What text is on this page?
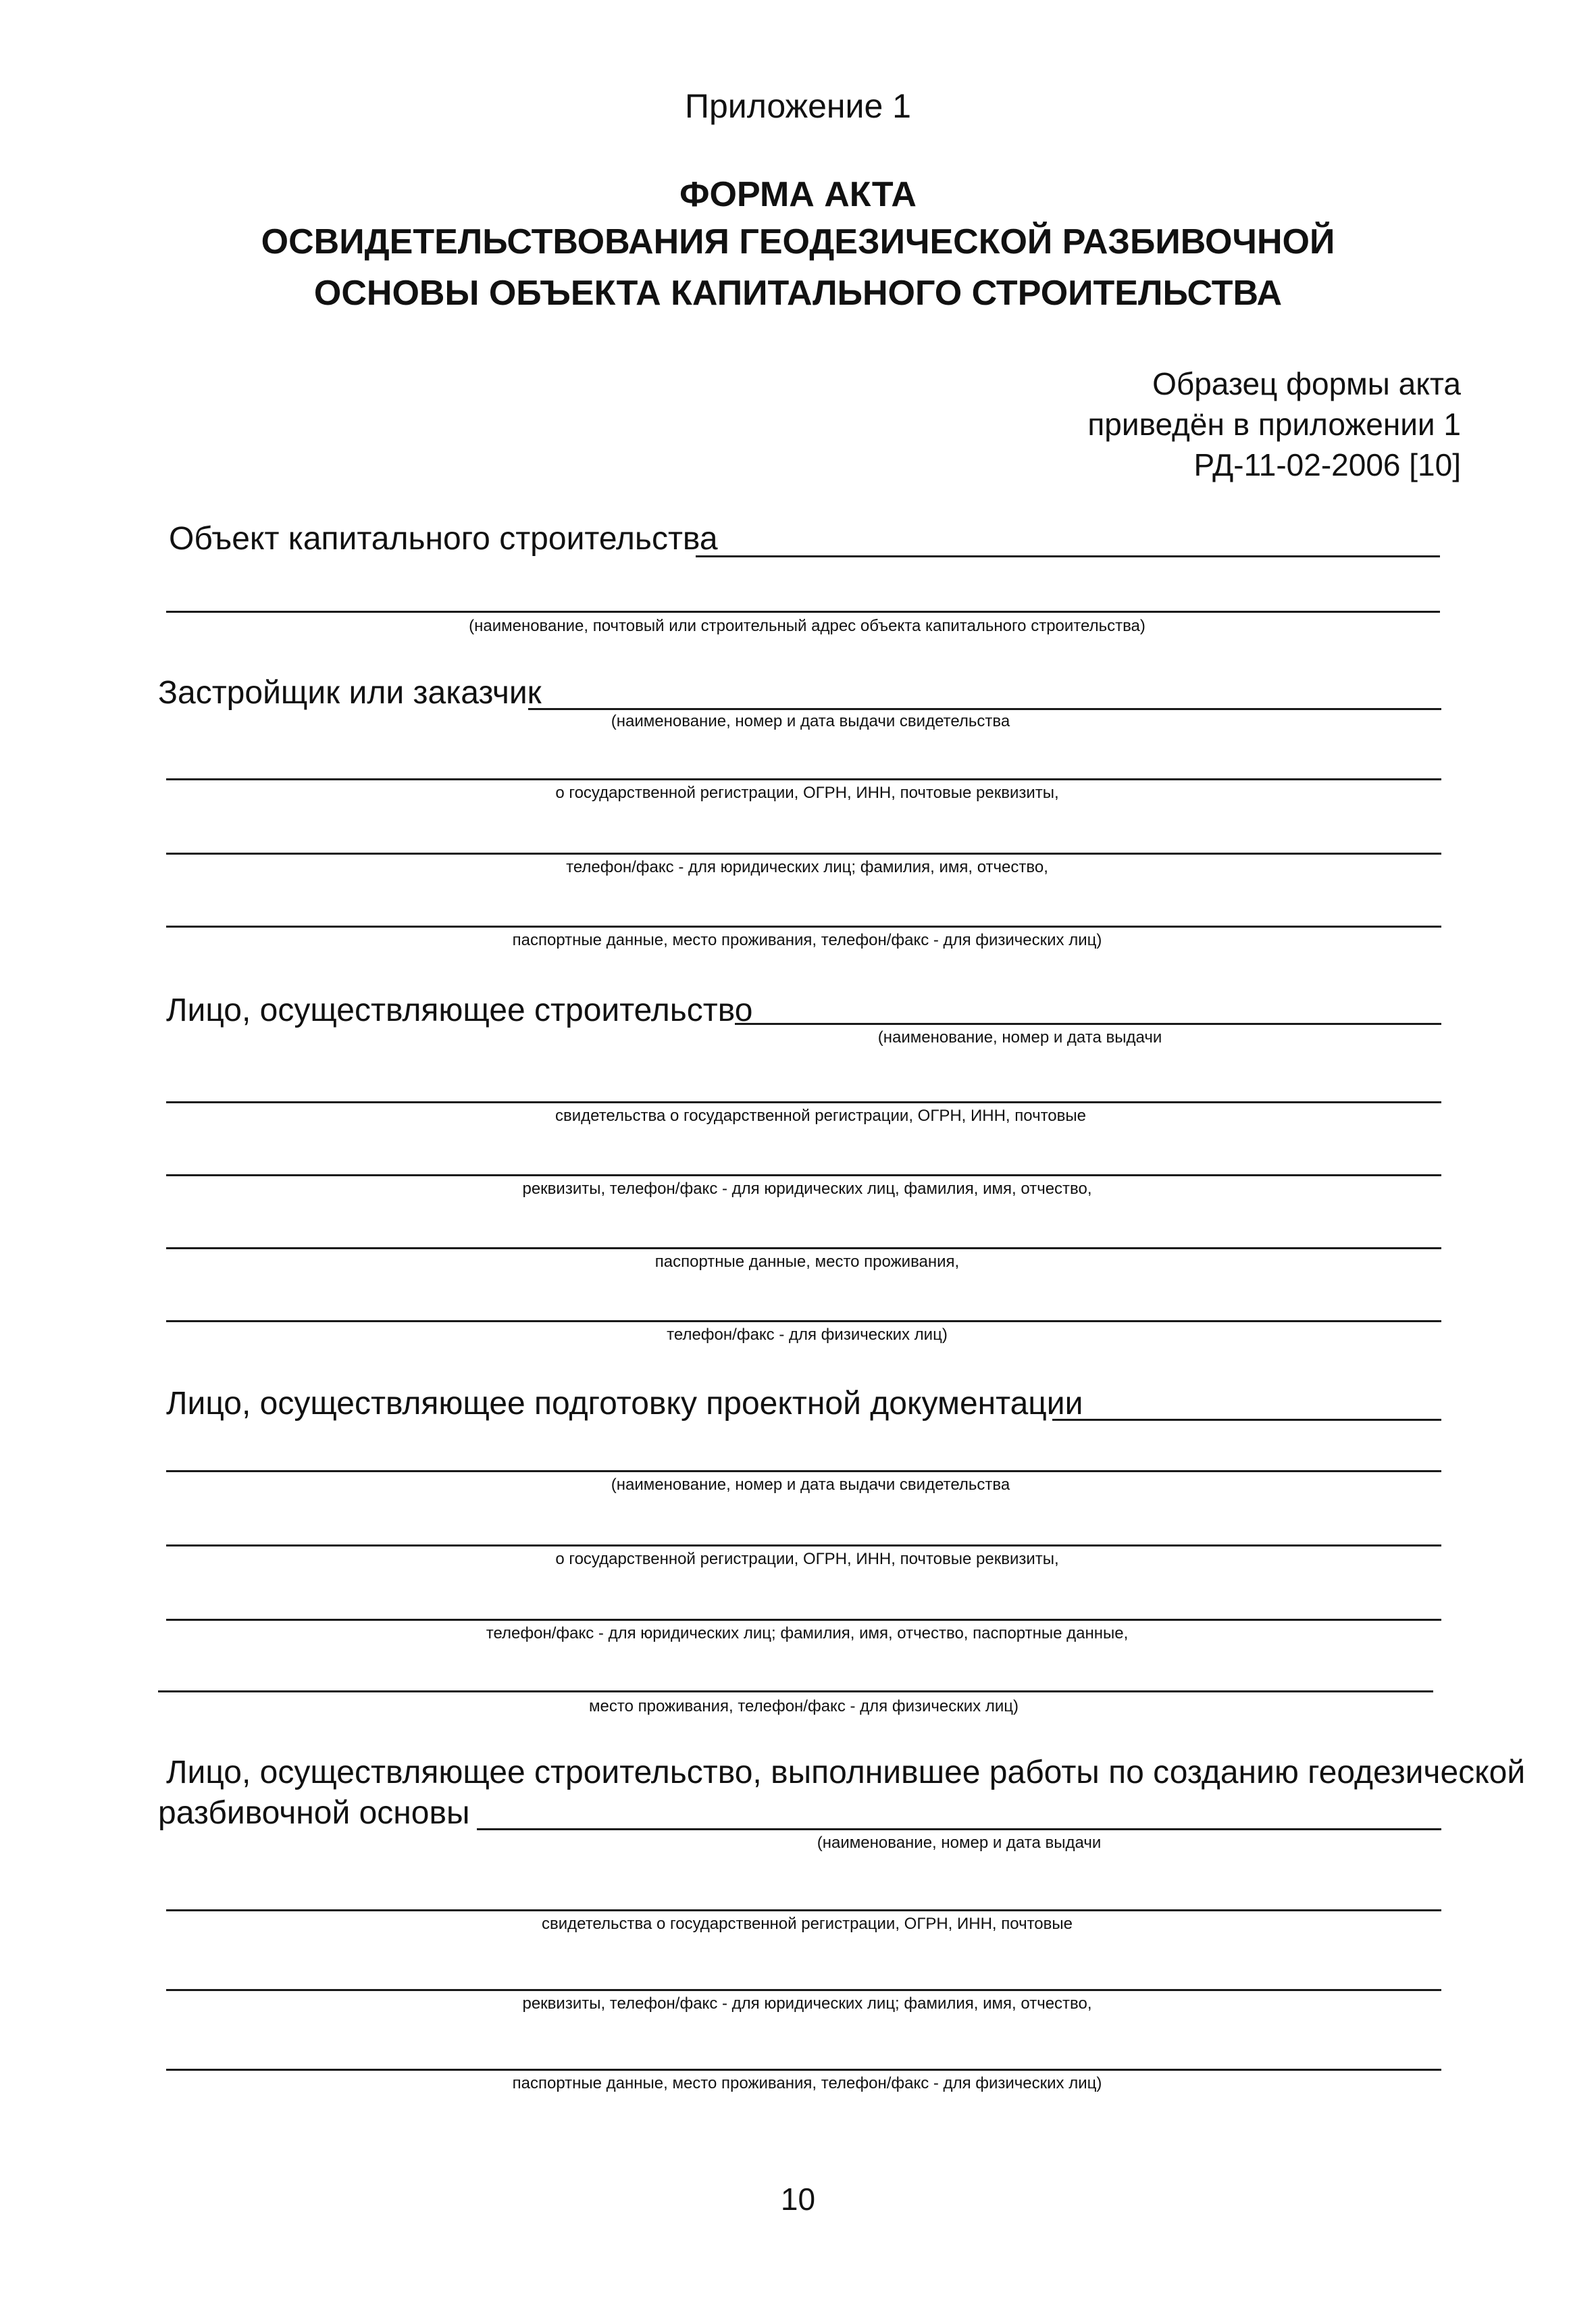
Приложение 1
ФОРМА АКТА
ОСВИДЕТЕЛЬСТВОВАНИЯ ГЕОДЕЗИЧЕСКОЙ РАЗБИВОЧНОЙ
ОСНОВЫ ОБЪЕКТА КАПИТАЛЬНОГО СТРОИТЕЛЬСТВА
Образец формы акта
приведён в приложении 1
РД-11-02-2006 [10]
Объект капитального строительства
(наименование, почтовый или строительный адрес объекта капитального строительства)
Застройщик или заказчик
(наименование, номер и дата выдачи свидетельства
о государственной регистрации, ОГРН, ИНН, почтовые реквизиты,
телефон/факс - для юридических лиц; фамилия, имя, отчество,
паспортные данные, место проживания, телефон/факс - для физических лиц)
Лицо, осуществляющее строительство
(наименование, номер и дата выдачи
свидетельства о государственной регистрации, ОГРН, ИНН, почтовые
реквизиты, телефон/факс - для юридических лиц, фамилия, имя, отчество,
паспортные данные, место проживания,
телефон/факс - для физических лиц)
Лицо, осуществляющее подготовку проектной документации
(наименование, номер и дата выдачи свидетельства
о государственной регистрации, ОГРН, ИНН, почтовые реквизиты,
телефон/факс - для юридических лиц; фамилия, имя, отчество, паспортные данные,
место проживания, телефон/факс - для физических лиц)
Лицо, осуществляющее строительство, выполнившее работы по созданию геодезической
разбивочной основы
(наименование, номер и дата выдачи
свидетельства о государственной регистрации, ОГРН, ИНН, почтовые
реквизиты, телефон/факс - для юридических лиц; фамилия, имя, отчество,
паспортные данные, место проживания, телефон/факс - для физических лиц)
10
